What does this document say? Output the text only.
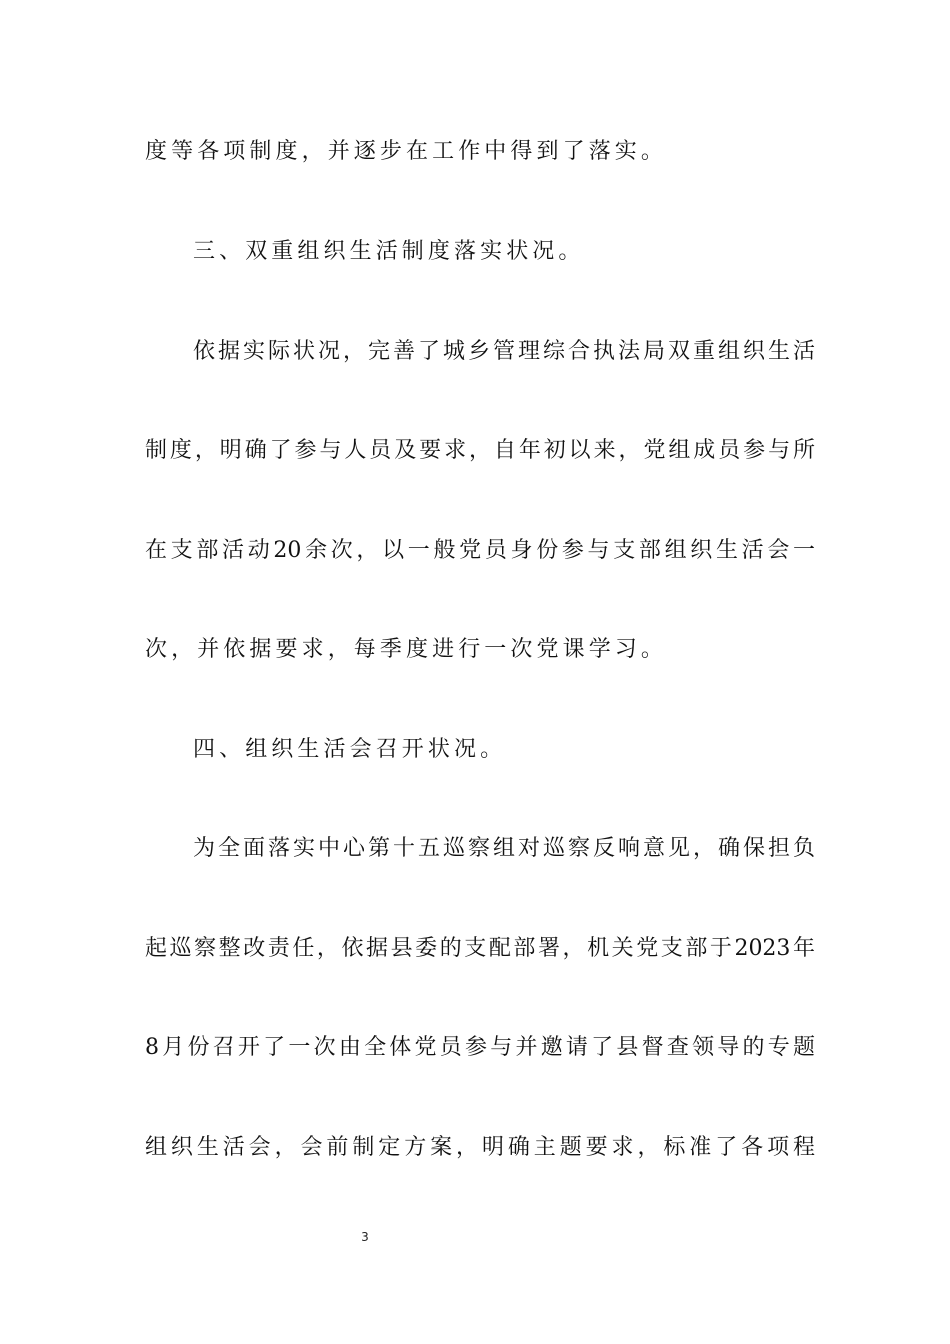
度等各项制度，并逐步在工作中得到了落实。
三、双重组织生活制度落实状况。
依据实际状况，完善了城乡管理综合执法局双重组织生活
制度，明确了参与人员及要求，自年初以来，党组成员参与所
在支部活动20余次，以一般党员身份参与支部组织生活会一
次，并依据要求，每季度进行一次党课学习。
四、组织生活会召开状况。
为全面落实中心第十五巡察组对巡察反响意见，确保担负
起巡察整改责任，依据县委的支配部署，机关党支部于2023年
8月份召开了一次由全体党员参与并邀请了县督查领导的专题
组织生活会，会前制定方案，明确主题要求，标准了各项程
3
